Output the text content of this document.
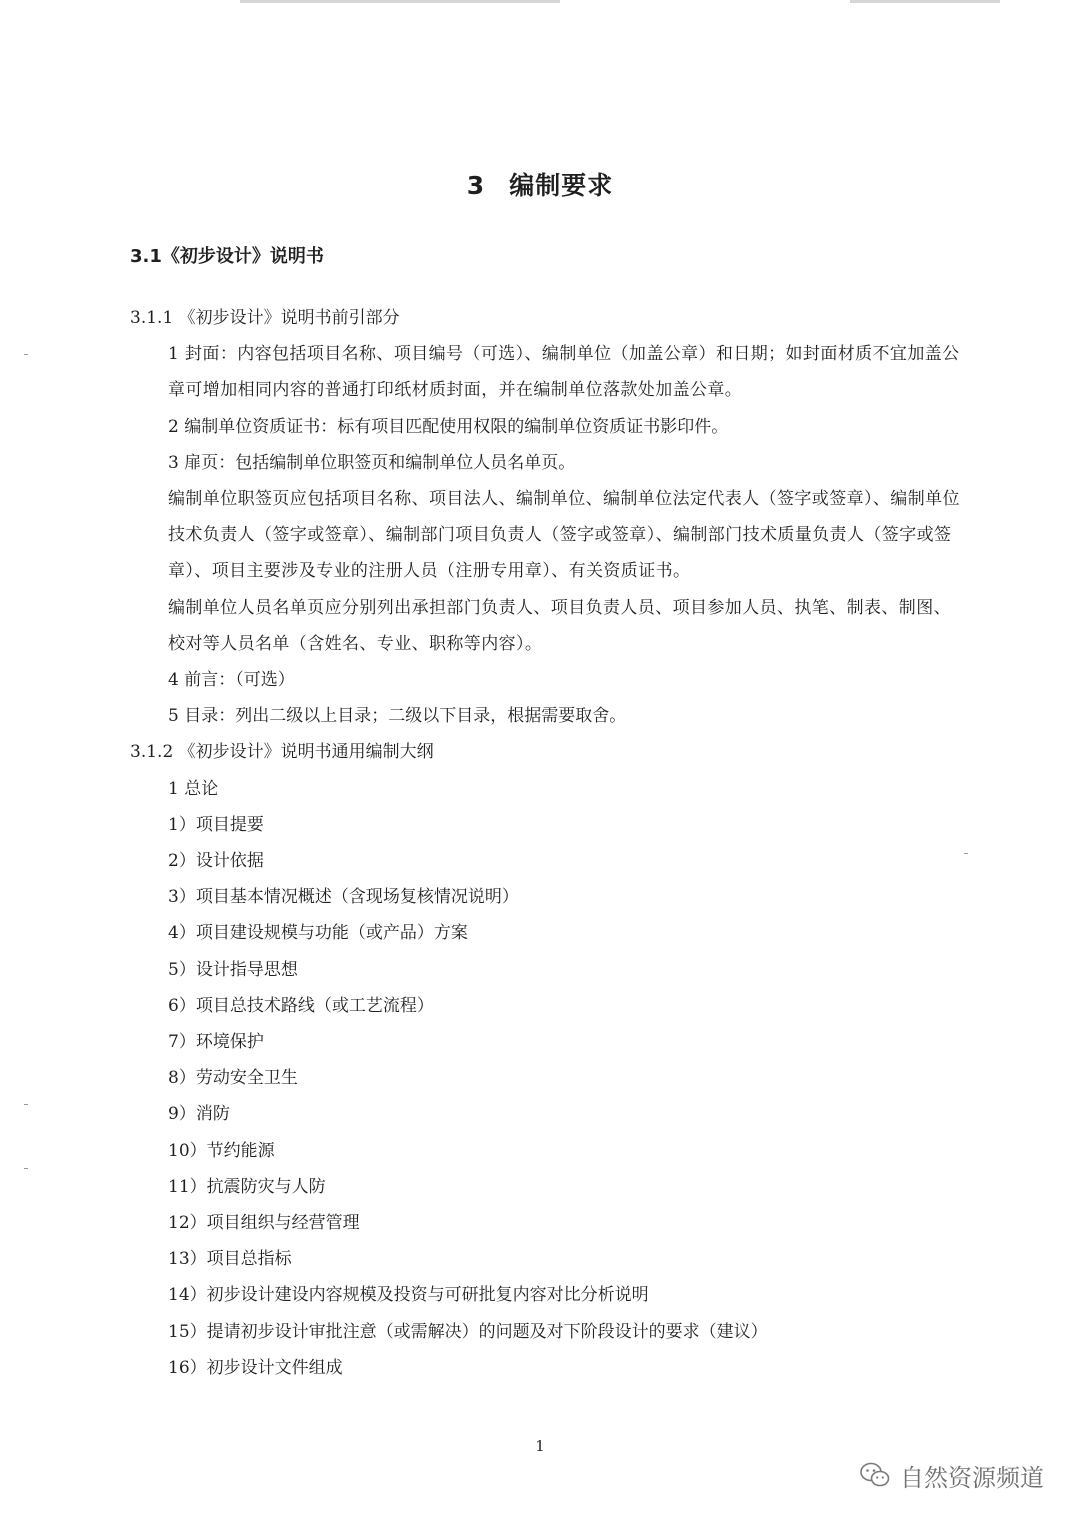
3 编制要求
3.1《初步设计》说明书

3.1.1 《初步设计》说明书前引部分

1 封面：内容包括项目名称、项目编号（可选）、编制单位（加盖公章）和日期；如封面材质不宜加盖公章可增加相同内容的普通打印纸材质封面，并在编制单位落款处加盖公章。

2 编制单位资质证书：标有项目匹配使用权限的编制单位资质证书影印件。

3 扉页：包括编制单位职签页和编制单位人员名单页。

编制单位职签页应包括项目名称、项目法人、编制单位、编制单位法定代表人（签字或签章）、编制单位技术负责人（签字或签章）、编制部门项目负责人（签字或签章）、编制部门技术质量负责人（签字或签章）、项目主要涉及专业的注册人员（注册专用章）、有关资质证书。

编制单位人员名单页应分别列出承担部门负责人、项目负责人员、项目参加人员、执笔、制表、制图、校对等人员名单（含姓名、专业、职称等内容）。

4 前言：（可选）

5 目录：列出二级以上目录；二级以下目录，根据需要取舍。

3.1.2 《初步设计》说明书通用编制大纲

1 总论

1）项目提要

2）设计依据

3）项目基本情况概述（含现场复核情况说明）

4）项目建设规模与功能（或产品）方案

5）设计指导思想

6）项目总技术路线（或工艺流程）

7）环境保护

8）劳动安全卫生

9）消防

10）节约能源

11）抗震防灾与人防

12）项目组织与经营管理

13）项目总指标

14）初步设计建设内容规模及投资与可研批复内容对比分析说明

15）提请初步设计审批注意（或需解决）的问题及对下阶段设计的要求（建议）

16）初步设计文件组成

1
自然资源频道
